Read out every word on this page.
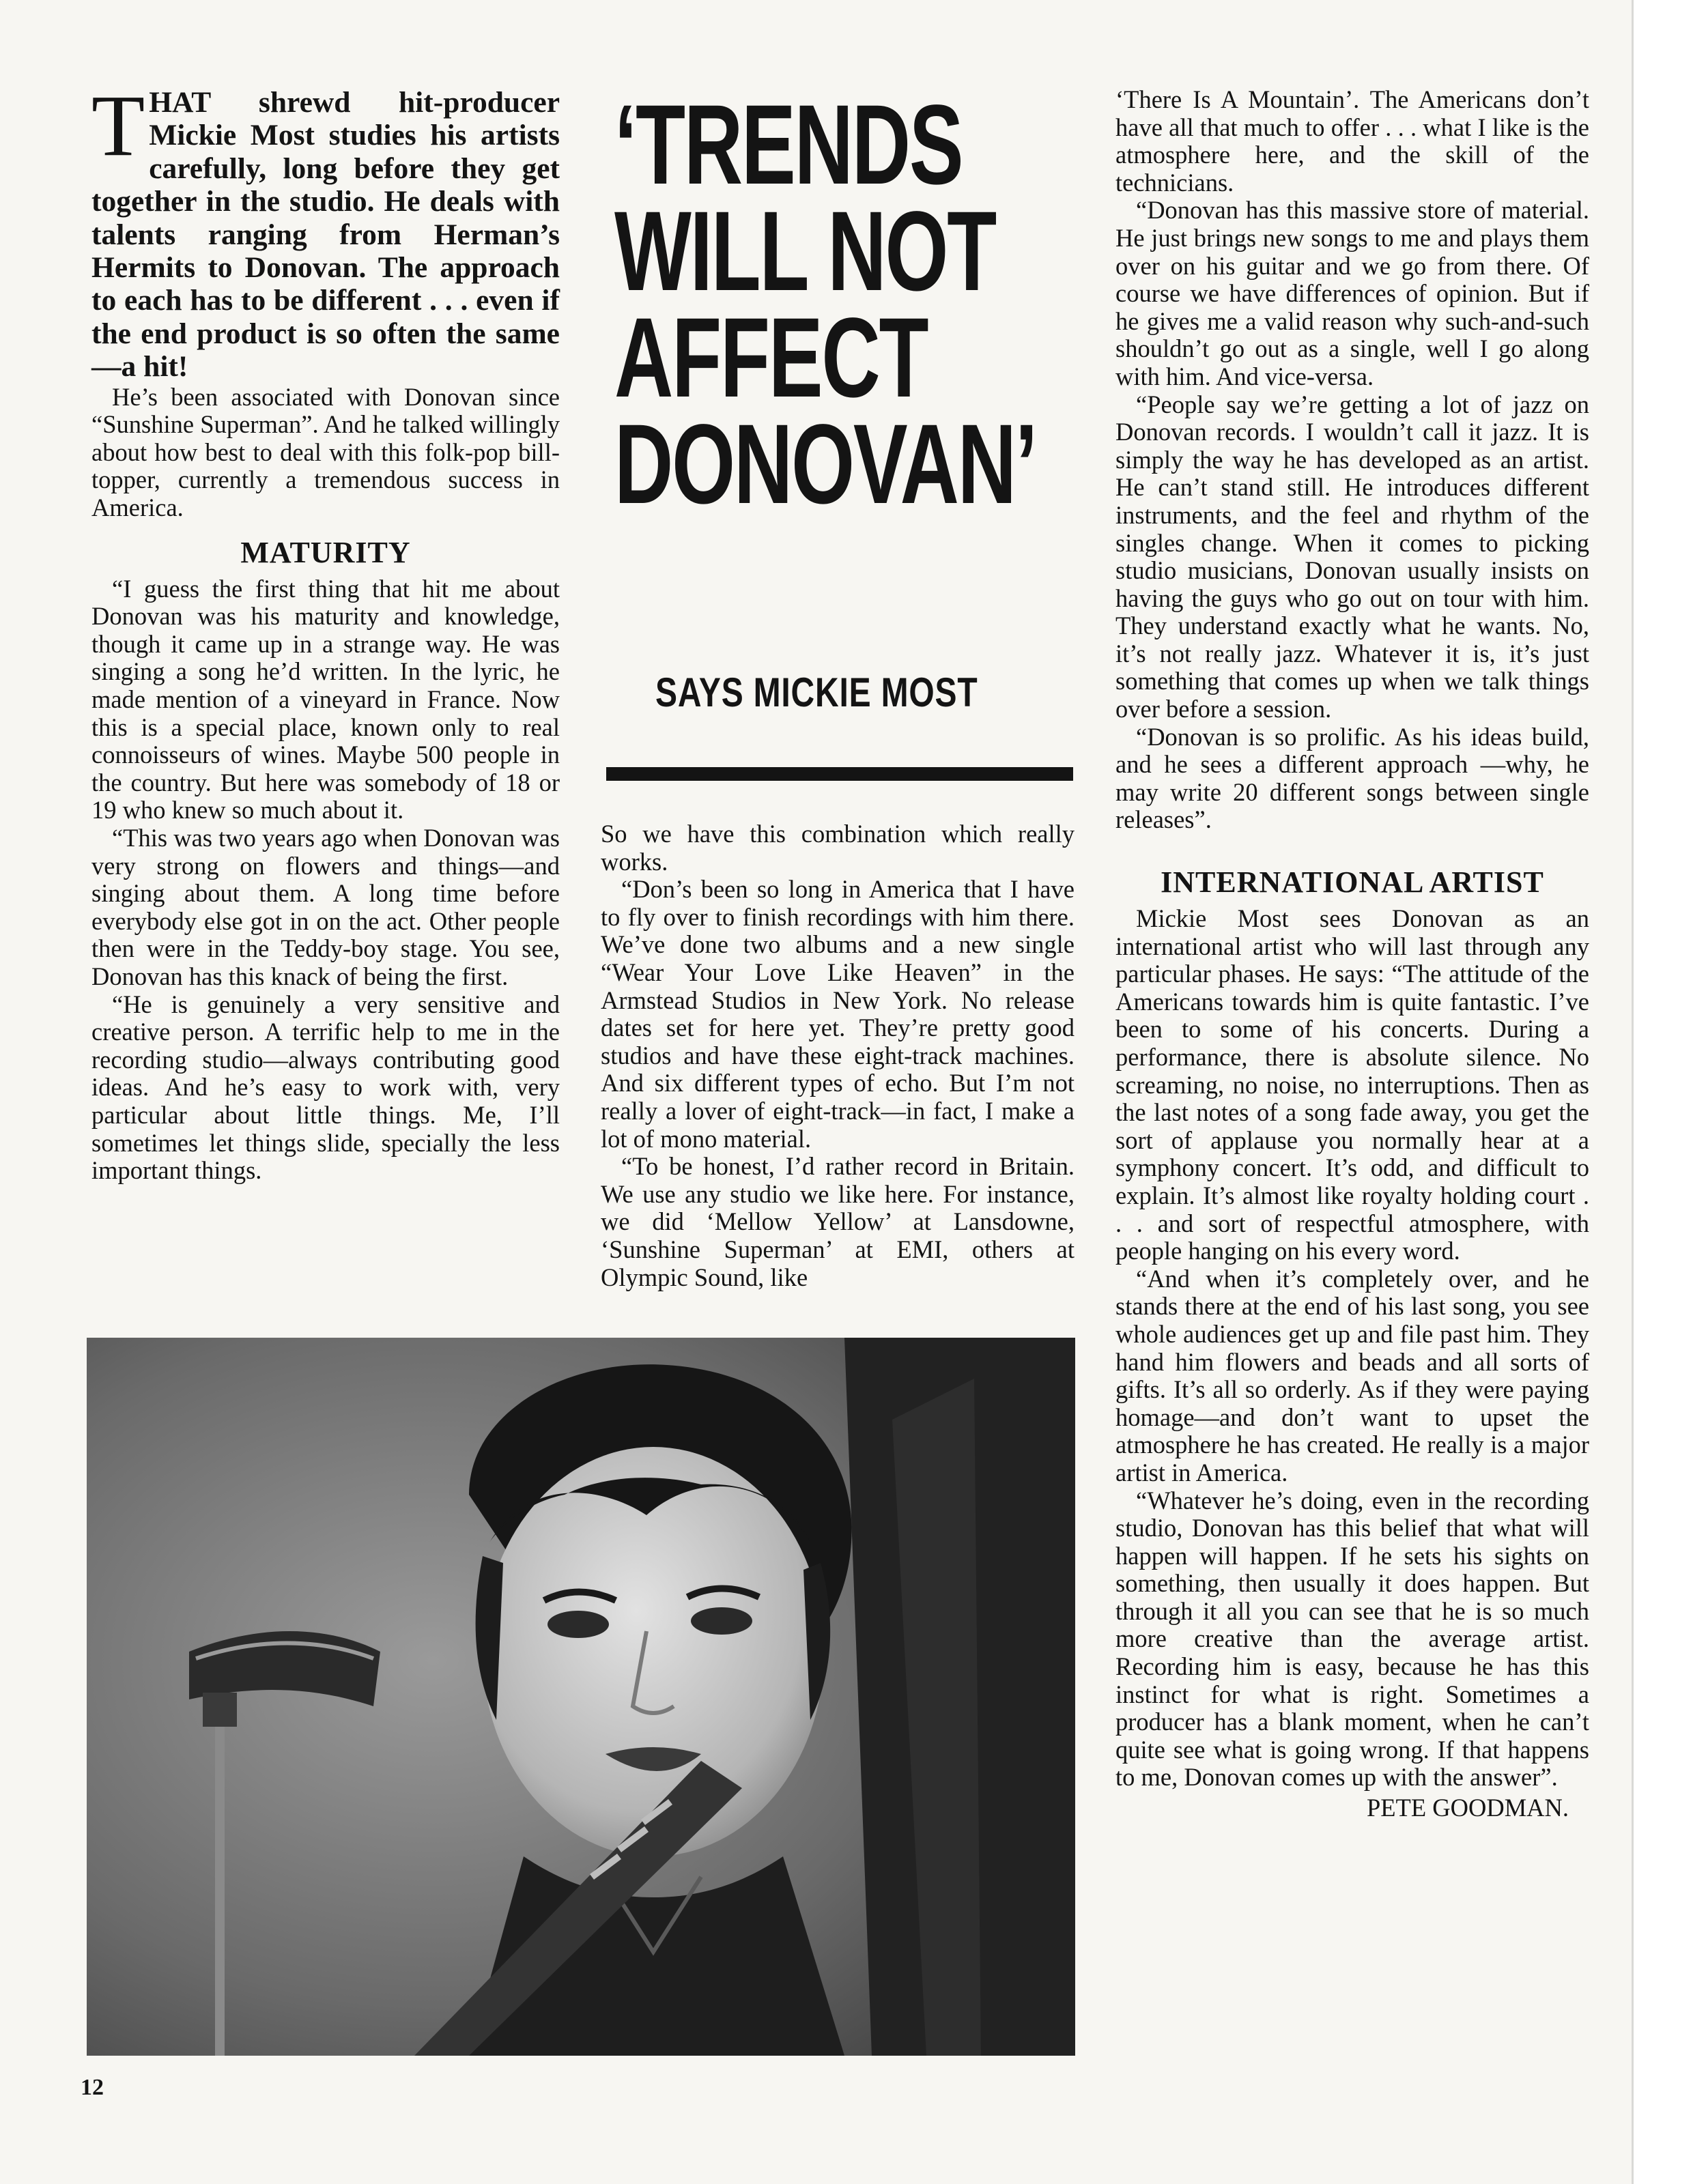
THAT shrewd hit-producer Mickie Most studies his artists carefully, long before they get together in the studio. He deals with talents ranging from Herman’s Hermits to Donovan. The approach to each has to be different . . . even if the end product is so often the same—a hit!

He’s been associated with Donovan since “Sunshine Superman”. And he talked willingly about how best to deal with this folk-pop bill-topper, currently a tremendous success in America.

MATURITY

“I guess the first thing that hit me about Donovan was his maturity and knowledge, though it came up in a strange way. He was singing a song he’d written. In the lyric, he made mention of a vineyard in France. Now this is a special place, known only to real connoisseurs of wines. Maybe 500 people in the country. But here was somebody of 18 or 19 who knew so much about it.

“This was two years ago when Donovan was very strong on flowers and things—and singing about them. A long time before everybody else got in on the act. Other people then were in the Teddy-boy stage. You see, Donovan has this knack of being the first.

“He is genuinely a very sensitive and creative person. A terrific help to me in the recording studio—always contributing good ideas. And he’s easy to work with, very particular about little things. Me, I’ll sometimes let things slide, specially the less important things.

‘TRENDS
WILL NOT
AFFECT
DONOVAN’
SAYS MICKIE MOST

So we have this combination which really works.

“Don’s been so long in America that I have to fly over to finish recordings with him there. We’ve done two albums and a new single “Wear Your Love Like Heaven” in the Armstead Studios in New York. No release dates set for here yet. They’re pretty good studios and have these eight-track machines. And six different types of echo. But I’m not really a lover of eight-track—in fact, I make a lot of mono material.

“To be honest, I’d rather record in Britain. We use any studio we like here. For instance, we did ‘Mellow Yellow’ at Lansdowne, ‘Sunshine Superman’ at EMI, others at Olympic Sound, like

‘There Is A Mountain’. The Americans don’t have all that much to offer . . . what I like is the atmosphere here, and the skill of the technicians.

“Donovan has this massive store of material. He just brings new songs to me and plays them over on his guitar and we go from there. Of course we have differences of opinion. But if he gives me a valid reason why such-and-such shouldn’t go out as a single, well I go along with him. And vice-versa.

“People say we’re getting a lot of jazz on Donovan records. I wouldn’t call it jazz. It is simply the way he has developed as an artist. He can’t stand still. He introduces different instruments, and the feel and rhythm of the singles change. When it comes to picking studio musicians, Donovan usually insists on having the guys who go out on tour with him. They understand exactly what he wants. No, it’s not really jazz. Whatever it is, it’s just something that comes up when we talk things over before a session.

“Donovan is so prolific. As his ideas build, and he sees a different approach —why, he may write 20 different songs between single releases”.

INTERNATIONAL ARTIST

Mickie Most sees Donovan as an international artist who will last through any particular phases. He says: “The attitude of the Americans towards him is quite fantastic. I’ve been to some of his concerts. During a performance, there is absolute silence. No screaming, no noise, no interruptions. Then as the last notes of a song fade away, you get the sort of applause you normally hear at a symphony concert. It’s odd, and difficult to explain. It’s almost like royalty holding court . . . and sort of respectful atmosphere, with people hanging on his every word.

“And when it’s completely over, and he stands there at the end of his last song, you see whole audiences get up and file past him. They hand him flowers and beads and all sorts of gifts. It’s all so orderly. As if they were paying homage—and don’t want to upset the atmosphere he has created. He really is a major artist in America.

“Whatever he’s doing, even in the recording studio, Donovan has this belief that what will happen will happen. If he sets his sights on something, then usually it does happen. But through it all you can see that he is so much more creative than the average artist. Recording him is easy, because he has this instinct for what is right. Sometimes a producer has a blank moment, when he can’t quite see what is going wrong. If that happens to me, Donovan comes up with the answer”.

PETE GOODMAN.
12
